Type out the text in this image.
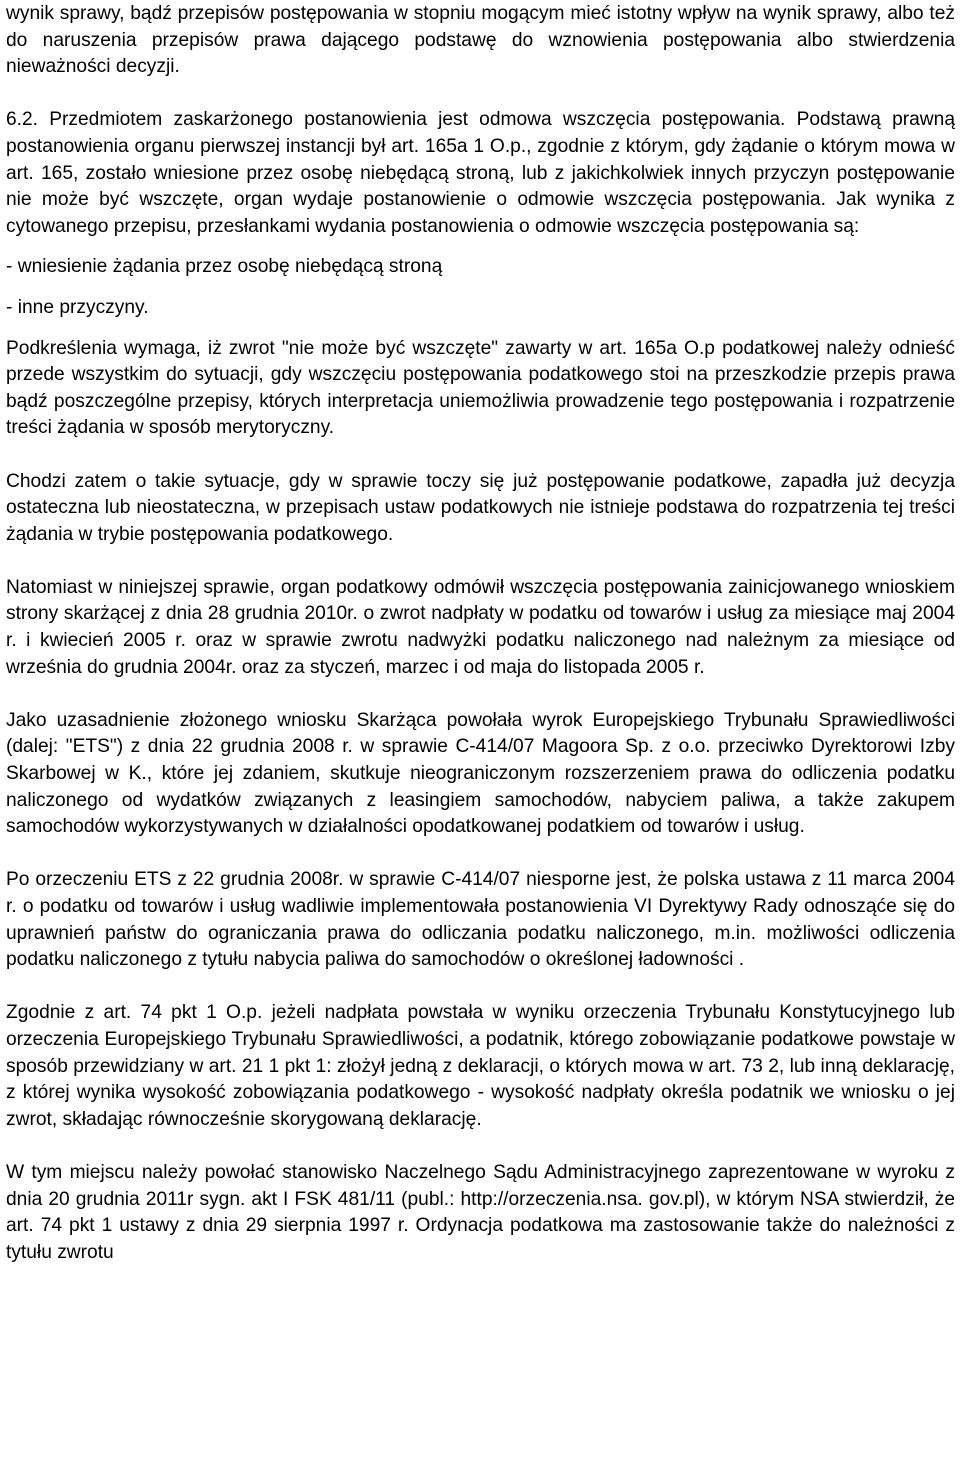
wynik sprawy, bądź przepisów postępowania w stopniu mogącym mieć istotny wpływ na wynik sprawy, albo też do naruszenia przepisów prawa dającego podstawę do wznowienia postępowania albo stwierdzenia nieważności decyzji.

6.2. Przedmiotem zaskarżonego postanowienia jest odmowa wszczęcia postępowania. Podstawą prawną postanowienia organu pierwszej instancji był art. 165a 1 O.p., zgodnie z którym, gdy żądanie o którym mowa w art. 165, zostało wniesione przez osobę niebędącą stroną, lub z jakichkolwiek innych przyczyn postępowanie nie może być wszczęte, organ wydaje postanowienie o odmowie wszczęcia postępowania. Jak wynika z cytowanego przepisu, przesłankami wydania postanowienia o odmowie wszczęcia postępowania są:

- wniesienie żądania przez osobę niebędącą stroną

- inne przyczyny.

Podkreślenia wymaga, iż zwrot "nie może być wszczęte" zawarty w art. 165a O.p podatkowej należy odnieść przede wszystkim do sytuacji, gdy wszczęciu postępowania podatkowego stoi na przeszkodzie przepis prawa bądź poszczególne przepisy, których interpretacja uniemożliwia prowadzenie tego postępowania i rozpatrzenie treści żądania w sposób merytoryczny.

Chodzi zatem o takie sytuacje, gdy w sprawie toczy się już postępowanie podatkowe, zapadła już decyzja ostateczna lub nieostateczna, w przepisach ustaw podatkowych nie istnieje podstawa do rozpatrzenia tej treści żądania w trybie postępowania podatkowego.

Natomiast w niniejszej sprawie, organ podatkowy odmówił wszczęcia postępowania zainicjowanego wnioskiem strony skarżącej z dnia 28 grudnia 2010r. o zwrot nadpłaty w podatku od towarów i usług za miesiące maj 2004 r. i kwiecień 2005 r. oraz w sprawie zwrotu nadwyżki podatku naliczonego nad należnym za miesiące od września do grudnia 2004r. oraz za styczeń, marzec i od maja do listopada 2005 r.

Jako uzasadnienie złożonego wniosku Skarżąca powołała wyrok Europejskiego Trybunału Sprawiedliwości (dalej: "ETS") z dnia 22 grudnia 2008 r. w sprawie C-414/07 Magoora Sp. z o.o. przeciwko Dyrektorowi Izby Skarbowej w K., które jej zdaniem, skutkuje nieograniczonym rozszerzeniem prawa do odliczenia podatku naliczonego od wydatków związanych z leasingiem samochodów, nabyciem paliwa, a także zakupem samochodów wykorzystywanych w działalności opodatkowanej podatkiem od towarów i usług.

Po orzeczeniu ETS z 22 grudnia 2008r. w sprawie C-414/07 niesporne jest, że polska ustawa z 11 marca 2004 r. o podatku od towarów i usług wadliwie implementowała postanowienia VI Dyrektywy Rady odnosząće się do uprawnień państw do ograniczania prawa do odliczania podatku naliczonego, m.in. możliwości odliczenia podatku naliczonego z tytułu nabycia paliwa do samochodów o określonej ładowności .

Zgodnie z art. 74 pkt 1 O.p. jeżeli nadpłata powstała w wyniku orzeczenia Trybunału Konstytucyjnego lub orzeczenia Europejskiego Trybunału Sprawiedliwości, a podatnik, którego zobowiązanie podatkowe powstaje w sposób przewidziany w art. 21 1 pkt 1: złożył jedną z deklaracji, o których mowa w art. 73 2, lub inną deklarację, z której wynika wysokość zobowiązania podatkowego - wysokość nadpłaty określa podatnik we wniosku o jej zwrot, składając równocześnie skorygowaną deklarację.

W tym miejscu należy powołać stanowisko Naczelnego Sądu Administracyjnego zaprezentowane w wyroku z dnia 20 grudnia 2011r sygn. akt I FSK 481/11 (publ.: http://orzeczenia.nsa. gov.pl), w którym NSA stwierdził, że art. 74 pkt 1 ustawy z dnia 29 sierpnia 1997 r. Ordynacja podatkowa ma zastosowanie także do należności z tytułu zwrotu
